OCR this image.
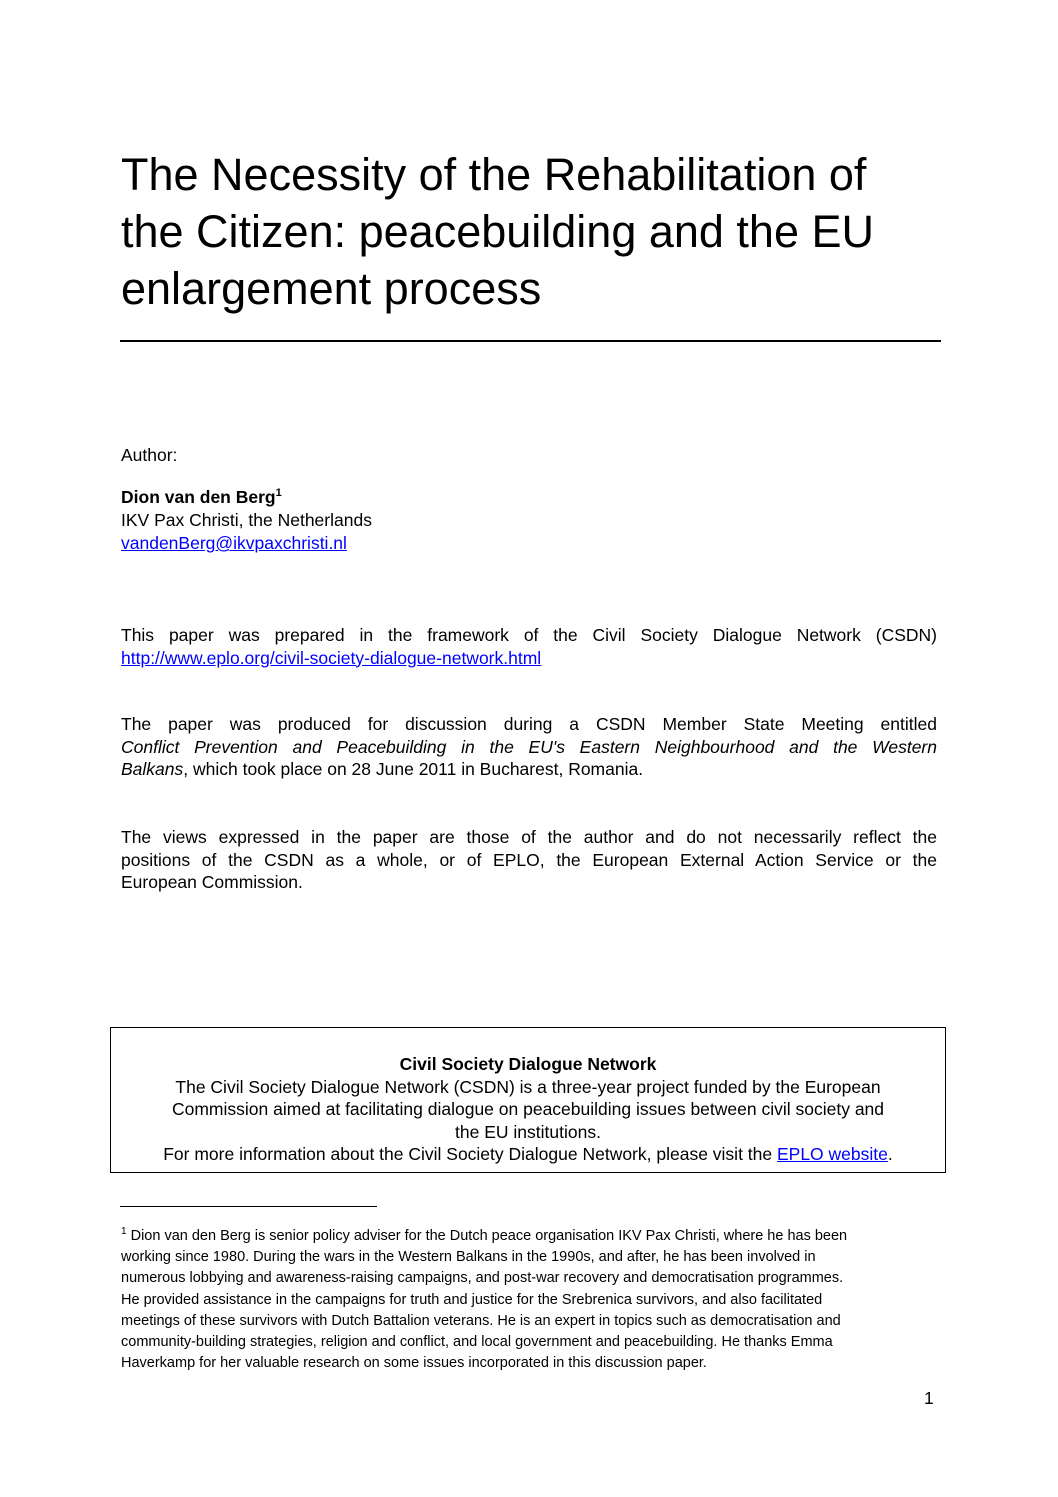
The Necessity of the Rehabilitation of
the Citizen: peacebuilding and the EU
enlargement process
Author:
Dion van den Berg$^1$
IKV Pax Christi, the Netherlands
vandenBerg@ikvpaxchristi.nl
This paper was prepared in the framework of the Civil Society Dialogue Network (CSDN)
http://www.eplo.org/civil-society-dialogue-network.html
The paper was produced for discussion during a CSDN Member State Meeting entitled
Conflict Prevention and Peacebuilding in the EU's Eastern Neighbourhood and the Western
Balkans, which took place on 28 June 2011 in Bucharest, Romania.
The views expressed in the paper are those of the author and do not necessarily reflect the
positions of the CSDN as a whole, or of EPLO, the European External Action Service or the
European Commission.
Civil Society Dialogue Network
The Civil Society Dialogue Network (CSDN) is a three-year project funded by the European
Commission aimed at facilitating dialogue on peacebuilding issues between civil society and
the EU institutions.
For more information about the Civil Society Dialogue Network, please visit the EPLO website.
$^1$ Dion van den Berg is senior policy adviser for the Dutch peace organisation IKV Pax Christi, where he has been
working since 1980. During the wars in the Western Balkans in the 1990s, and after, he has been involved in
numerous lobbying and awareness-raising campaigns, and post-war recovery and democratisation programmes.
He provided assistance in the campaigns for truth and justice for the Srebrenica survivors, and also facilitated
meetings of these survivors with Dutch Battalion veterans. He is an expert in topics such as democratisation and
community-building strategies, religion and conflict, and local government and peacebuilding. He thanks Emma
Haverkamp for her valuable research on some issues incorporated in this discussion paper.
1
